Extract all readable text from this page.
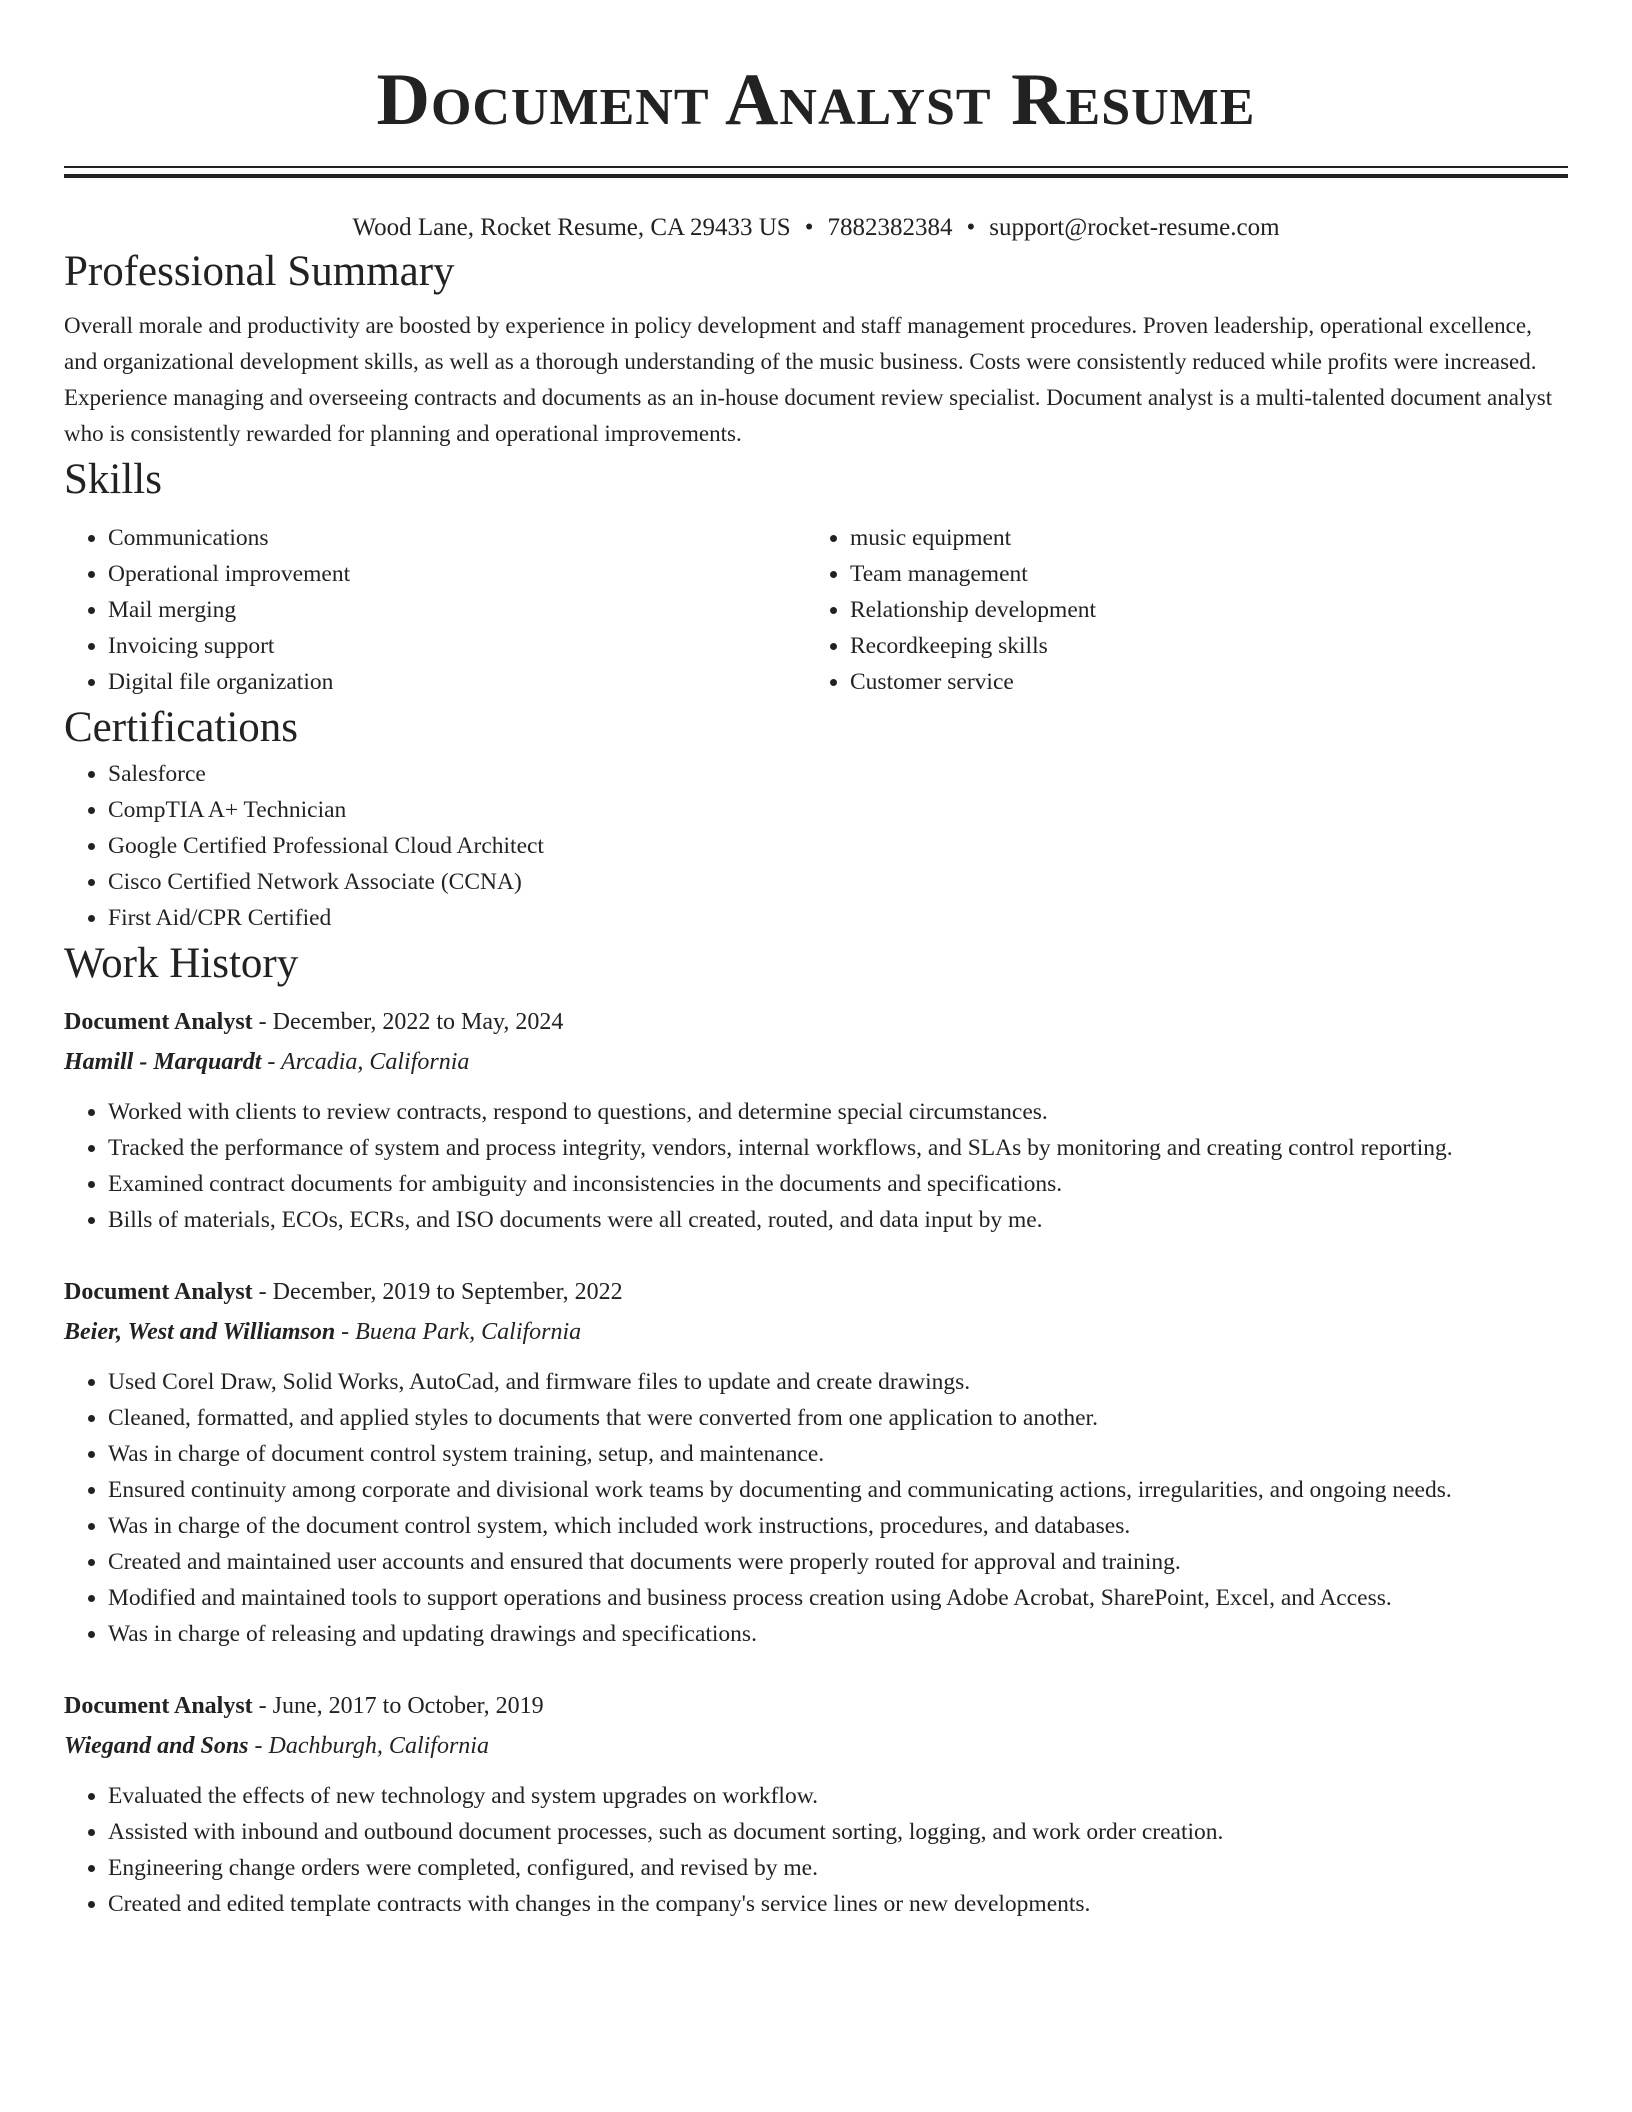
Document Analyst Resume
Wood Lane, Rocket Resume, CA 29433 US • 7882382384 • support@rocket-resume.com
Professional Summary

Overall morale and productivity are boosted by experience in policy development and staff management procedures. Proven leadership, operational excellence, and organizational development skills, as well as a thorough understanding of the music business. Costs were consistently reduced while profits were increased. Experience managing and overseeing contracts and documents as an in-house document review specialist. Document analyst is a multi-talented document analyst who is consistently rewarded for planning and operational improvements.

Skills
• Communications
• Operational improvement
• Mail merging
• Invoicing support
• Digital file organization
• music equipment
• Team management
• Relationship development
• Recordkeeping skills
• Customer service
Certifications
• Salesforce
• CompTIA A+ Technician
• Google Certified Professional Cloud Architect
• Cisco Certified Network Associate (CCNA)
• First Aid/CPR Certified
Work History
Document Analyst - December, 2022 to May, 2024
Hamill - Marquardt - Arcadia, California
• Worked with clients to review contracts, respond to questions, and determine special circumstances.
• Tracked the performance of system and process integrity, vendors, internal workflows, and SLAs by monitoring and creating control reporting.
• Examined contract documents for ambiguity and inconsistencies in the documents and specifications.
• Bills of materials, ECOs, ECRs, and ISO documents were all created, routed, and data input by me.
Document Analyst - December, 2019 to September, 2022
Beier, West and Williamson - Buena Park, California
• Used Corel Draw, Solid Works, AutoCad, and firmware files to update and create drawings.
• Cleaned, formatted, and applied styles to documents that were converted from one application to another.
• Was in charge of document control system training, setup, and maintenance.
• Ensured continuity among corporate and divisional work teams by documenting and communicating actions, irregularities, and ongoing needs.
• Was in charge of the document control system, which included work instructions, procedures, and databases.
• Created and maintained user accounts and ensured that documents were properly routed for approval and training.
• Modified and maintained tools to support operations and business process creation using Adobe Acrobat, SharePoint, Excel, and Access.
• Was in charge of releasing and updating drawings and specifications.
Document Analyst - June, 2017 to October, 2019
Wiegand and Sons - Dachburgh, California
• Evaluated the effects of new technology and system upgrades on workflow.
• Assisted with inbound and outbound document processes, such as document sorting, logging, and work order creation.
• Engineering change orders were completed, configured, and revised by me.
• Created and edited template contracts with changes in the company's service lines or new developments.
